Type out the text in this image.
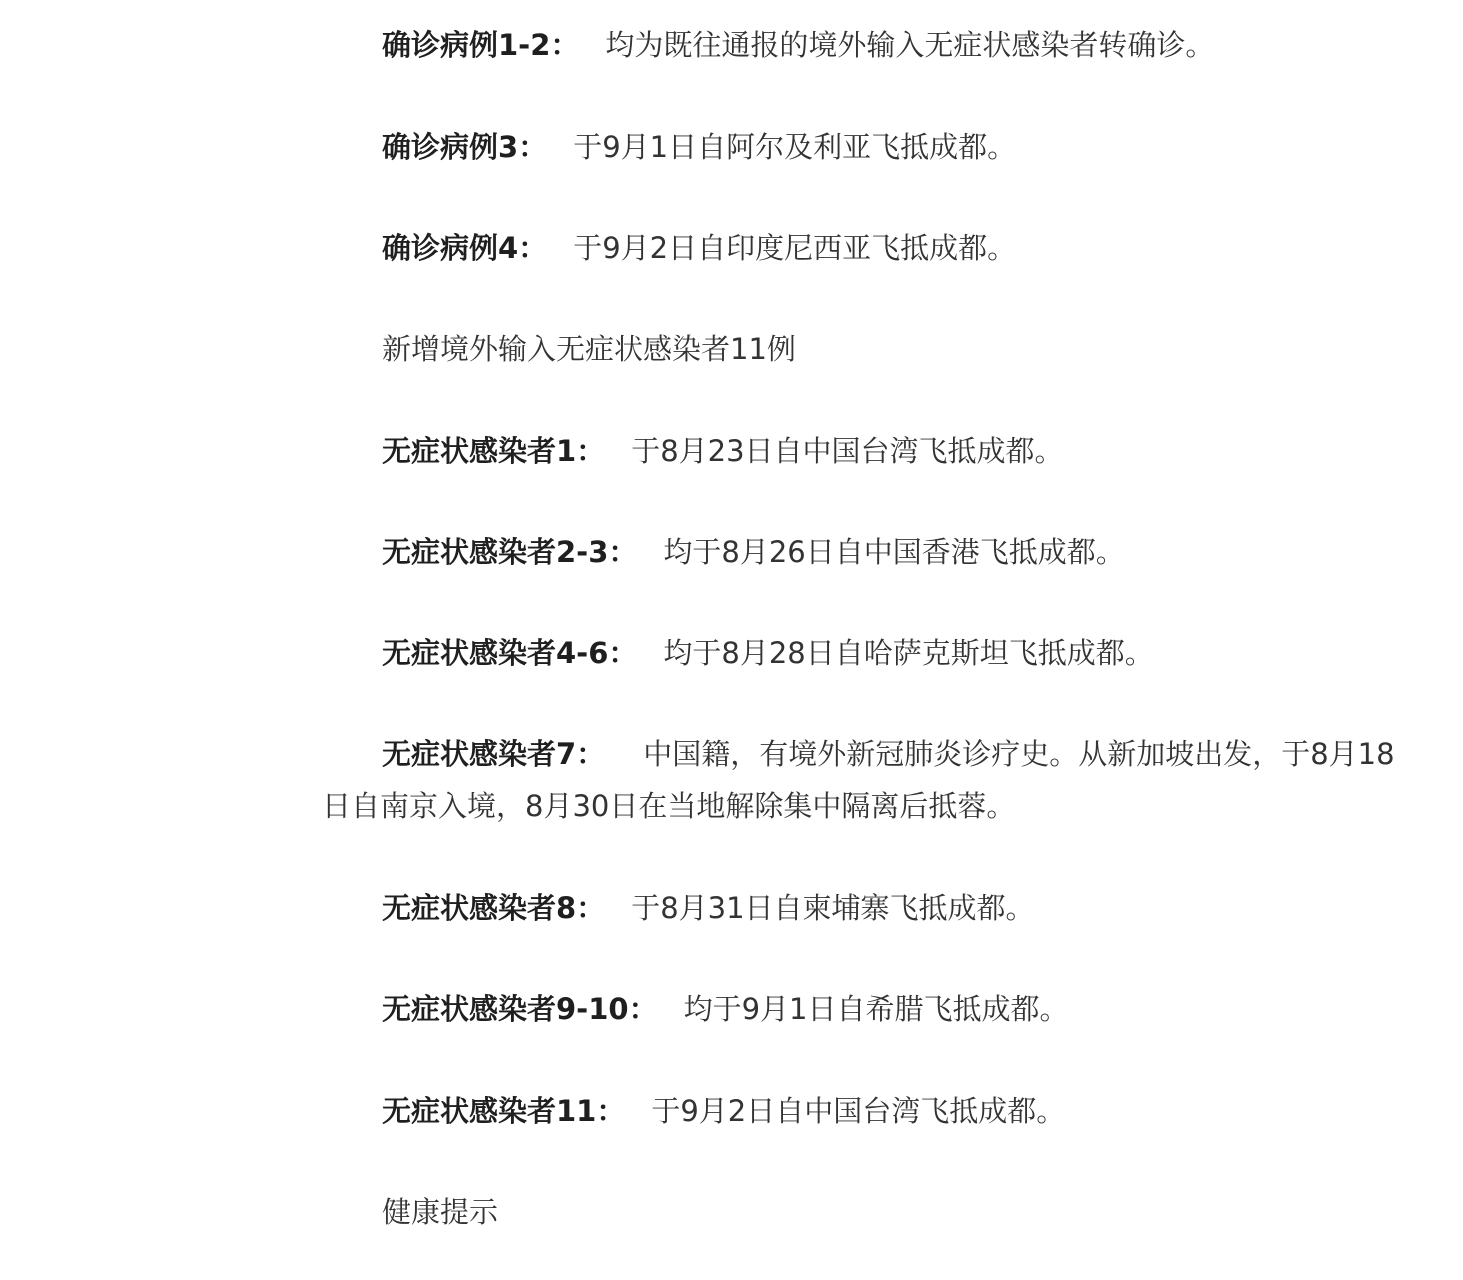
确诊病例1-2： 均为既往通报的境外输入无症状感染者转确诊。

确诊病例3： 于9月1日自阿尔及利亚飞抵成都。

确诊病例4： 于9月2日自印度尼西亚飞抵成都。

新增境外输入无症状感染者11例

无症状感染者1： 于8月23日自中国台湾飞抵成都。

无症状感染者2-3： 均于8月26日自中国香港飞抵成都。

无症状感染者4-6： 均于8月28日自哈萨克斯坦飞抵成都。

无症状感染者7： 中国籍，有境外新冠肺炎诊疗史。从新加坡出发，于8月18日自南京入境，8月30日在当地解除集中隔离后抵蓉。

无症状感染者8： 于8月31日自柬埔寨飞抵成都。

无症状感染者9-10： 均于9月1日自希腊飞抵成都。

无症状感染者11： 于9月2日自中国台湾飞抵成都。

健康提示
